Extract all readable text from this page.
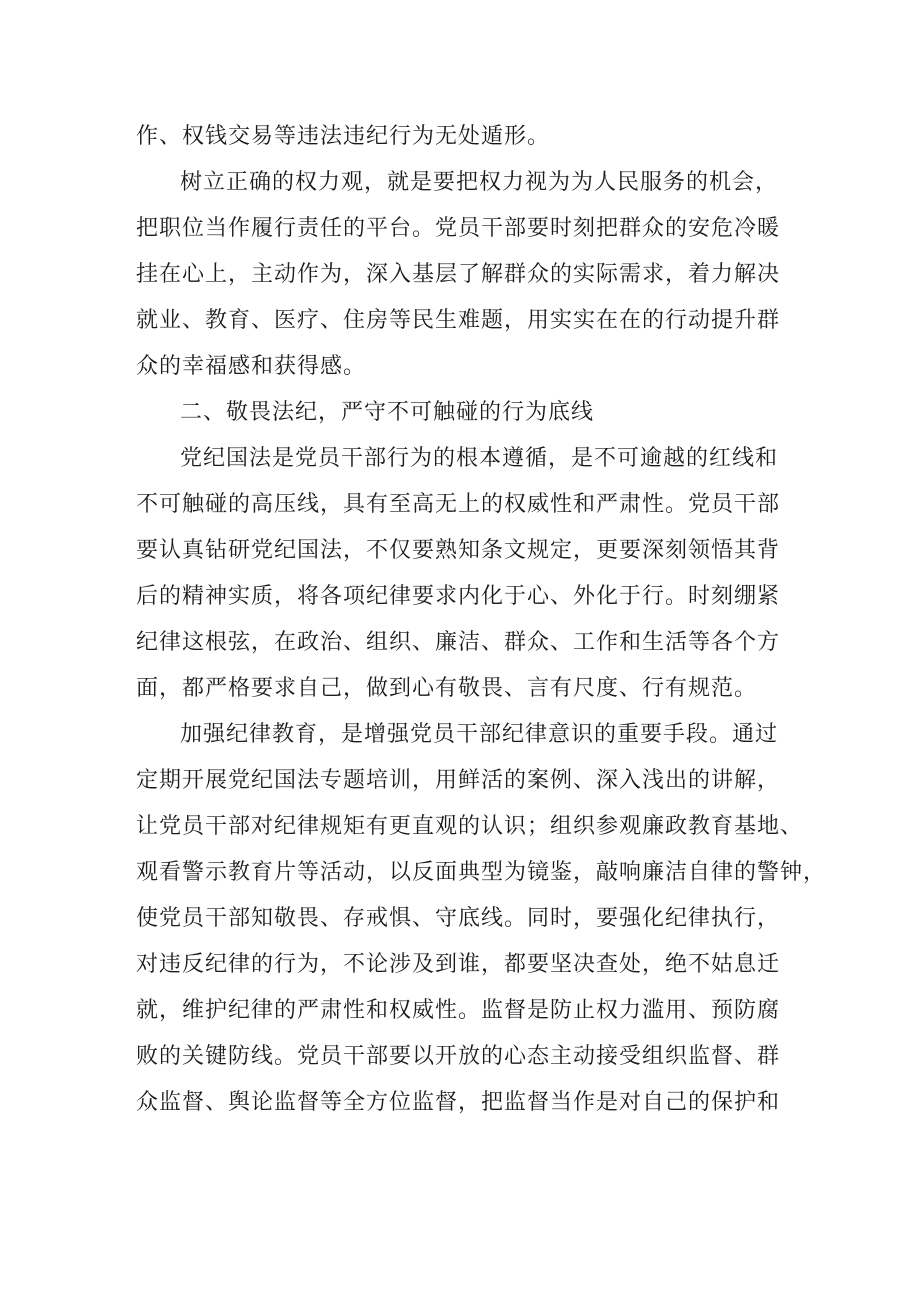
作、权钱交易等违法违纪行为无处遁形。
树立正确的权力观，就是要把权力视为为人民服务的机会，
把职位当作履行责任的平台。党员干部要时刻把群众的安危冷暖
挂在心上，主动作为，深入基层了解群众的实际需求，着力解决
就业、教育、医疗、住房等民生难题，用实实在在的行动提升群
众的幸福感和获得感。
二、敬畏法纪，严守不可触碰的行为底线
党纪国法是党员干部行为的根本遵循，是不可逾越的红线和
不可触碰的高压线，具有至高无上的权威性和严肃性。党员干部
要认真钻研党纪国法，不仅要熟知条文规定，更要深刻领悟其背
后的精神实质，将各项纪律要求内化于心、外化于行。时刻绷紧
纪律这根弦，在政治、组织、廉洁、群众、工作和生活等各个方
面，都严格要求自己，做到心有敬畏、言有尺度、行有规范。
加强纪律教育，是增强党员干部纪律意识的重要手段。通过
定期开展党纪国法专题培训，用鲜活的案例、深入浅出的讲解，
让党员干部对纪律规矩有更直观的认识；组织参观廉政教育基地、
观看警示教育片等活动，以反面典型为镜鉴，敲响廉洁自律的警钟，
使党员干部知敬畏、存戒惧、守底线。同时，要强化纪律执行，
对违反纪律的行为，不论涉及到谁，都要坚决查处，绝不姑息迁
就，维护纪律的严肃性和权威性。监督是防止权力滥用、预防腐
败的关键防线。党员干部要以开放的心态主动接受组织监督、群
众监督、舆论监督等全方位监督，把监督当作是对自己的保护和
